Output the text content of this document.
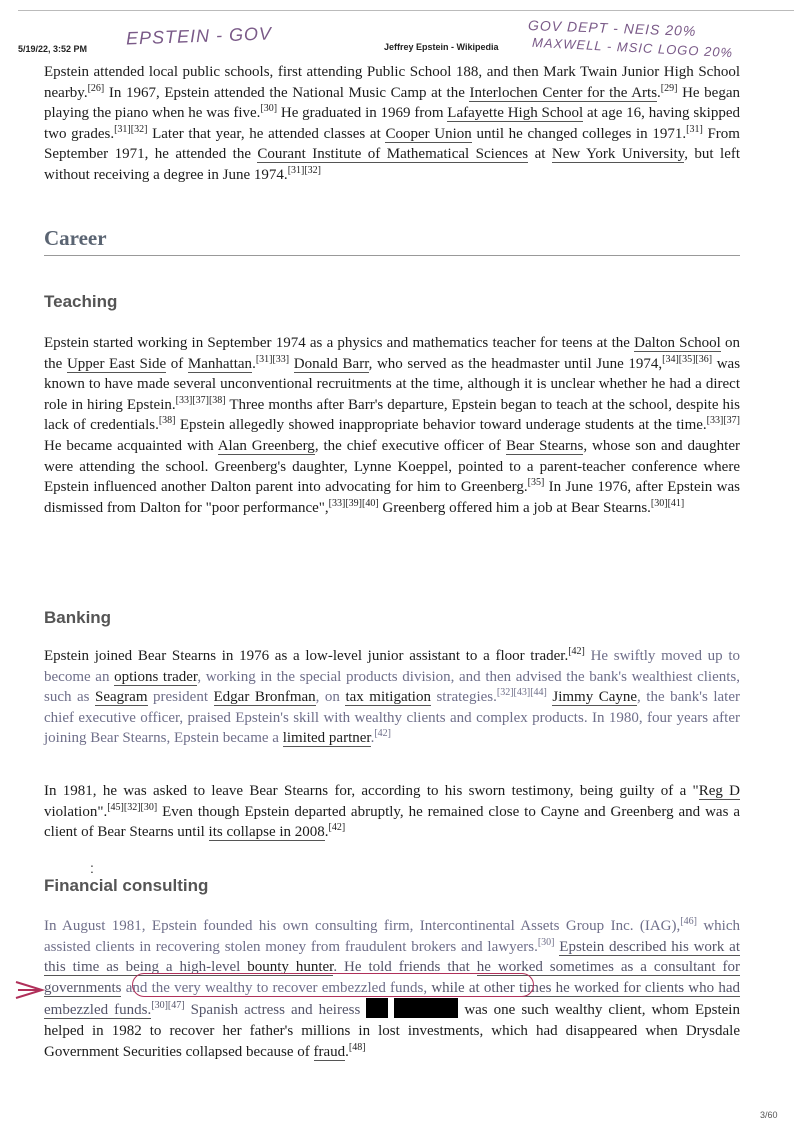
5/19/22, 3:52 PM	Jeffrey Epstein - Wikipedia
EPSTEIN - GOV	GOV DEPT - NEIS 20%
MAXWELL - MSIC LOGO 20%
Epstein attended local public schools, first attending Public School 188, and then Mark Twain Junior High School nearby.[26] In 1967, Epstein attended the National Music Camp at the Interlochen Center for the Arts.[29] He began playing the piano when he was five.[30] He graduated in 1969 from Lafayette High School at age 16, having skipped two grades.[31][32] Later that year, he attended classes at Cooper Union until he changed colleges in 1971.[31] From September 1971, he attended the Courant Institute of Mathematical Sciences at New York University, but left without receiving a degree in June 1974.[31][32]
Career
Teaching
Epstein started working in September 1974 as a physics and mathematics teacher for teens at the Dalton School on the Upper East Side of Manhattan.[31][33] Donald Barr, who served as the headmaster until June 1974,[34][35][36] was known to have made several unconventional recruitments at the time, although it is unclear whether he had a direct role in hiring Epstein.[33][37][38] Three months after Barr's departure, Epstein began to teach at the school, despite his lack of credentials.[38] Epstein allegedly showed inappropriate behavior toward underage students at the time.[33][37] He became acquainted with Alan Greenberg, the chief executive officer of Bear Stearns, whose son and daughter were attending the school. Greenberg's daughter, Lynne Koeppel, pointed to a parent-teacher conference where Epstein influenced another Dalton parent into advocating for him to Greenberg.[35] In June 1976, after Epstein was dismissed from Dalton for "poor performance",[33][39][40] Greenberg offered him a job at Bear Stearns.[30][41]
Banking
Epstein joined Bear Stearns in 1976 as a low-level junior assistant to a floor trader.[42] He swiftly moved up to become an options trader, working in the special products division, and then advised the bank's wealthiest clients, such as Seagram president Edgar Bronfman, on tax mitigation strategies.[32][43][44] Jimmy Cayne, the bank's later chief executive officer, praised Epstein's skill with wealthy clients and complex products. In 1980, four years after joining Bear Stearns, Epstein became a limited partner.[42]
In 1981, he was asked to leave Bear Stearns for, according to his sworn testimony, being guilty of a "Reg D violation".[45][32][30] Even though Epstein departed abruptly, he remained close to Cayne and Greenberg and was a client of Bear Stearns until its collapse in 2008.[42]
:
Financial consulting
In August 1981, Epstein founded his own consulting firm, Intercontinental Assets Group Inc. (IAG),[46] which assisted clients in recovering stolen money from fraudulent brokers and lawyers.[30] Epstein described his work at this time as being a high-level bounty hunter. He told friends that he worked sometimes as a consultant for governments and the very wealthy to recover embezzled funds, while at other times he worked for clients who had embezzled funds.[30][47] Spanish actress and heiress	was one such wealthy client, whom Epstein helped in 1982 to recover her father's millions in lost investments, which had disappeared when Drysdale Government Securities collapsed because of fraud.[48]
3/60
